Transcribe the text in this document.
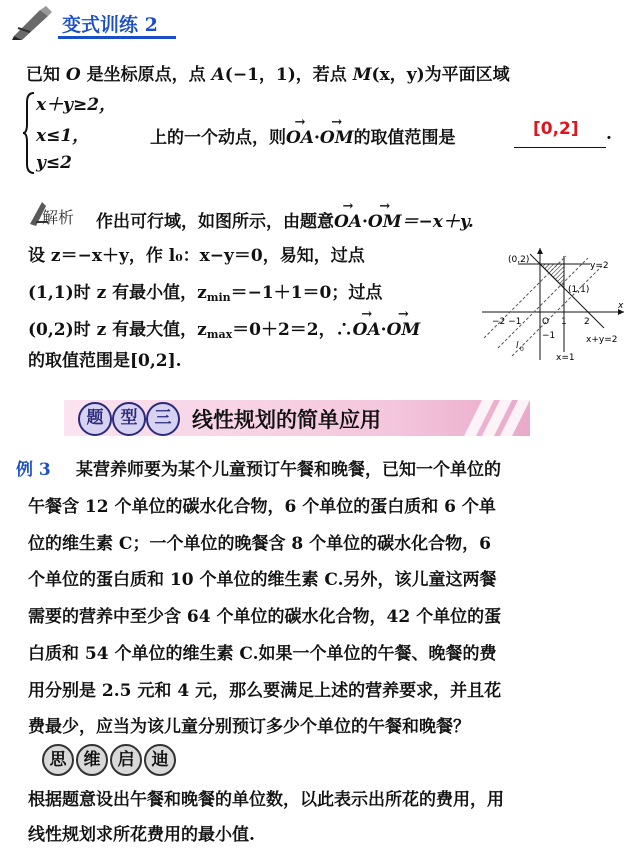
变式训练 2
已知 O 是坐标原点，点 A(−1，1)，若点 M(x，y)为平面区域
x＋y≥2，
x≤1，
y≤2
上的一个动点，则→ OA·→ OM的取值范围是	[0,2] .
解析 作出可行域，如图所示，由题意→ OA·→ OM＝−x＋y.
设 z＝−x＋y，作 l₀：x−y＝0，易知，过点
(1,1)时 z 有最小值，$z_{min}=-1+1=0$；过点
(0,2)时 z 有最大值，$z_{max}=0+2=2$，∴→ OA·→ OM
的取值范围是[0,2].
(0,2)
y=2
(1,1)
−2 −1 O 1 2
x
−1
l 0
x=1
x+y=2
题	型	三 线性规划的简单应用
例 3 某营养师要为某个儿童预订午餐和晚餐，已知一个单位的
午餐含 12 个单位的碳水化合物，6 个单位的蛋白质和 6 个单
位的维生素 C；一个单位的晚餐含 8 个单位的碳水化合物，6
个单位的蛋白质和 10 个单位的维生素 C.另外，该儿童这两餐
需要的营养中至少含 64 个单位的碳水化合物，42 个单位的蛋
白质和 54 个单位的维生素 C.如果一个单位的午餐、晚餐的费
用分别是 2.5 元和 4 元，那么要满足上述的营养要求，并且花
费最少，应当为该儿童分别预订多少个单位的午餐和晚餐？
思	维	启	迪
根据题意设出午餐和晚餐的单位数，以此表示出所花的费用，用
线性规划求所花费用的最小值.
